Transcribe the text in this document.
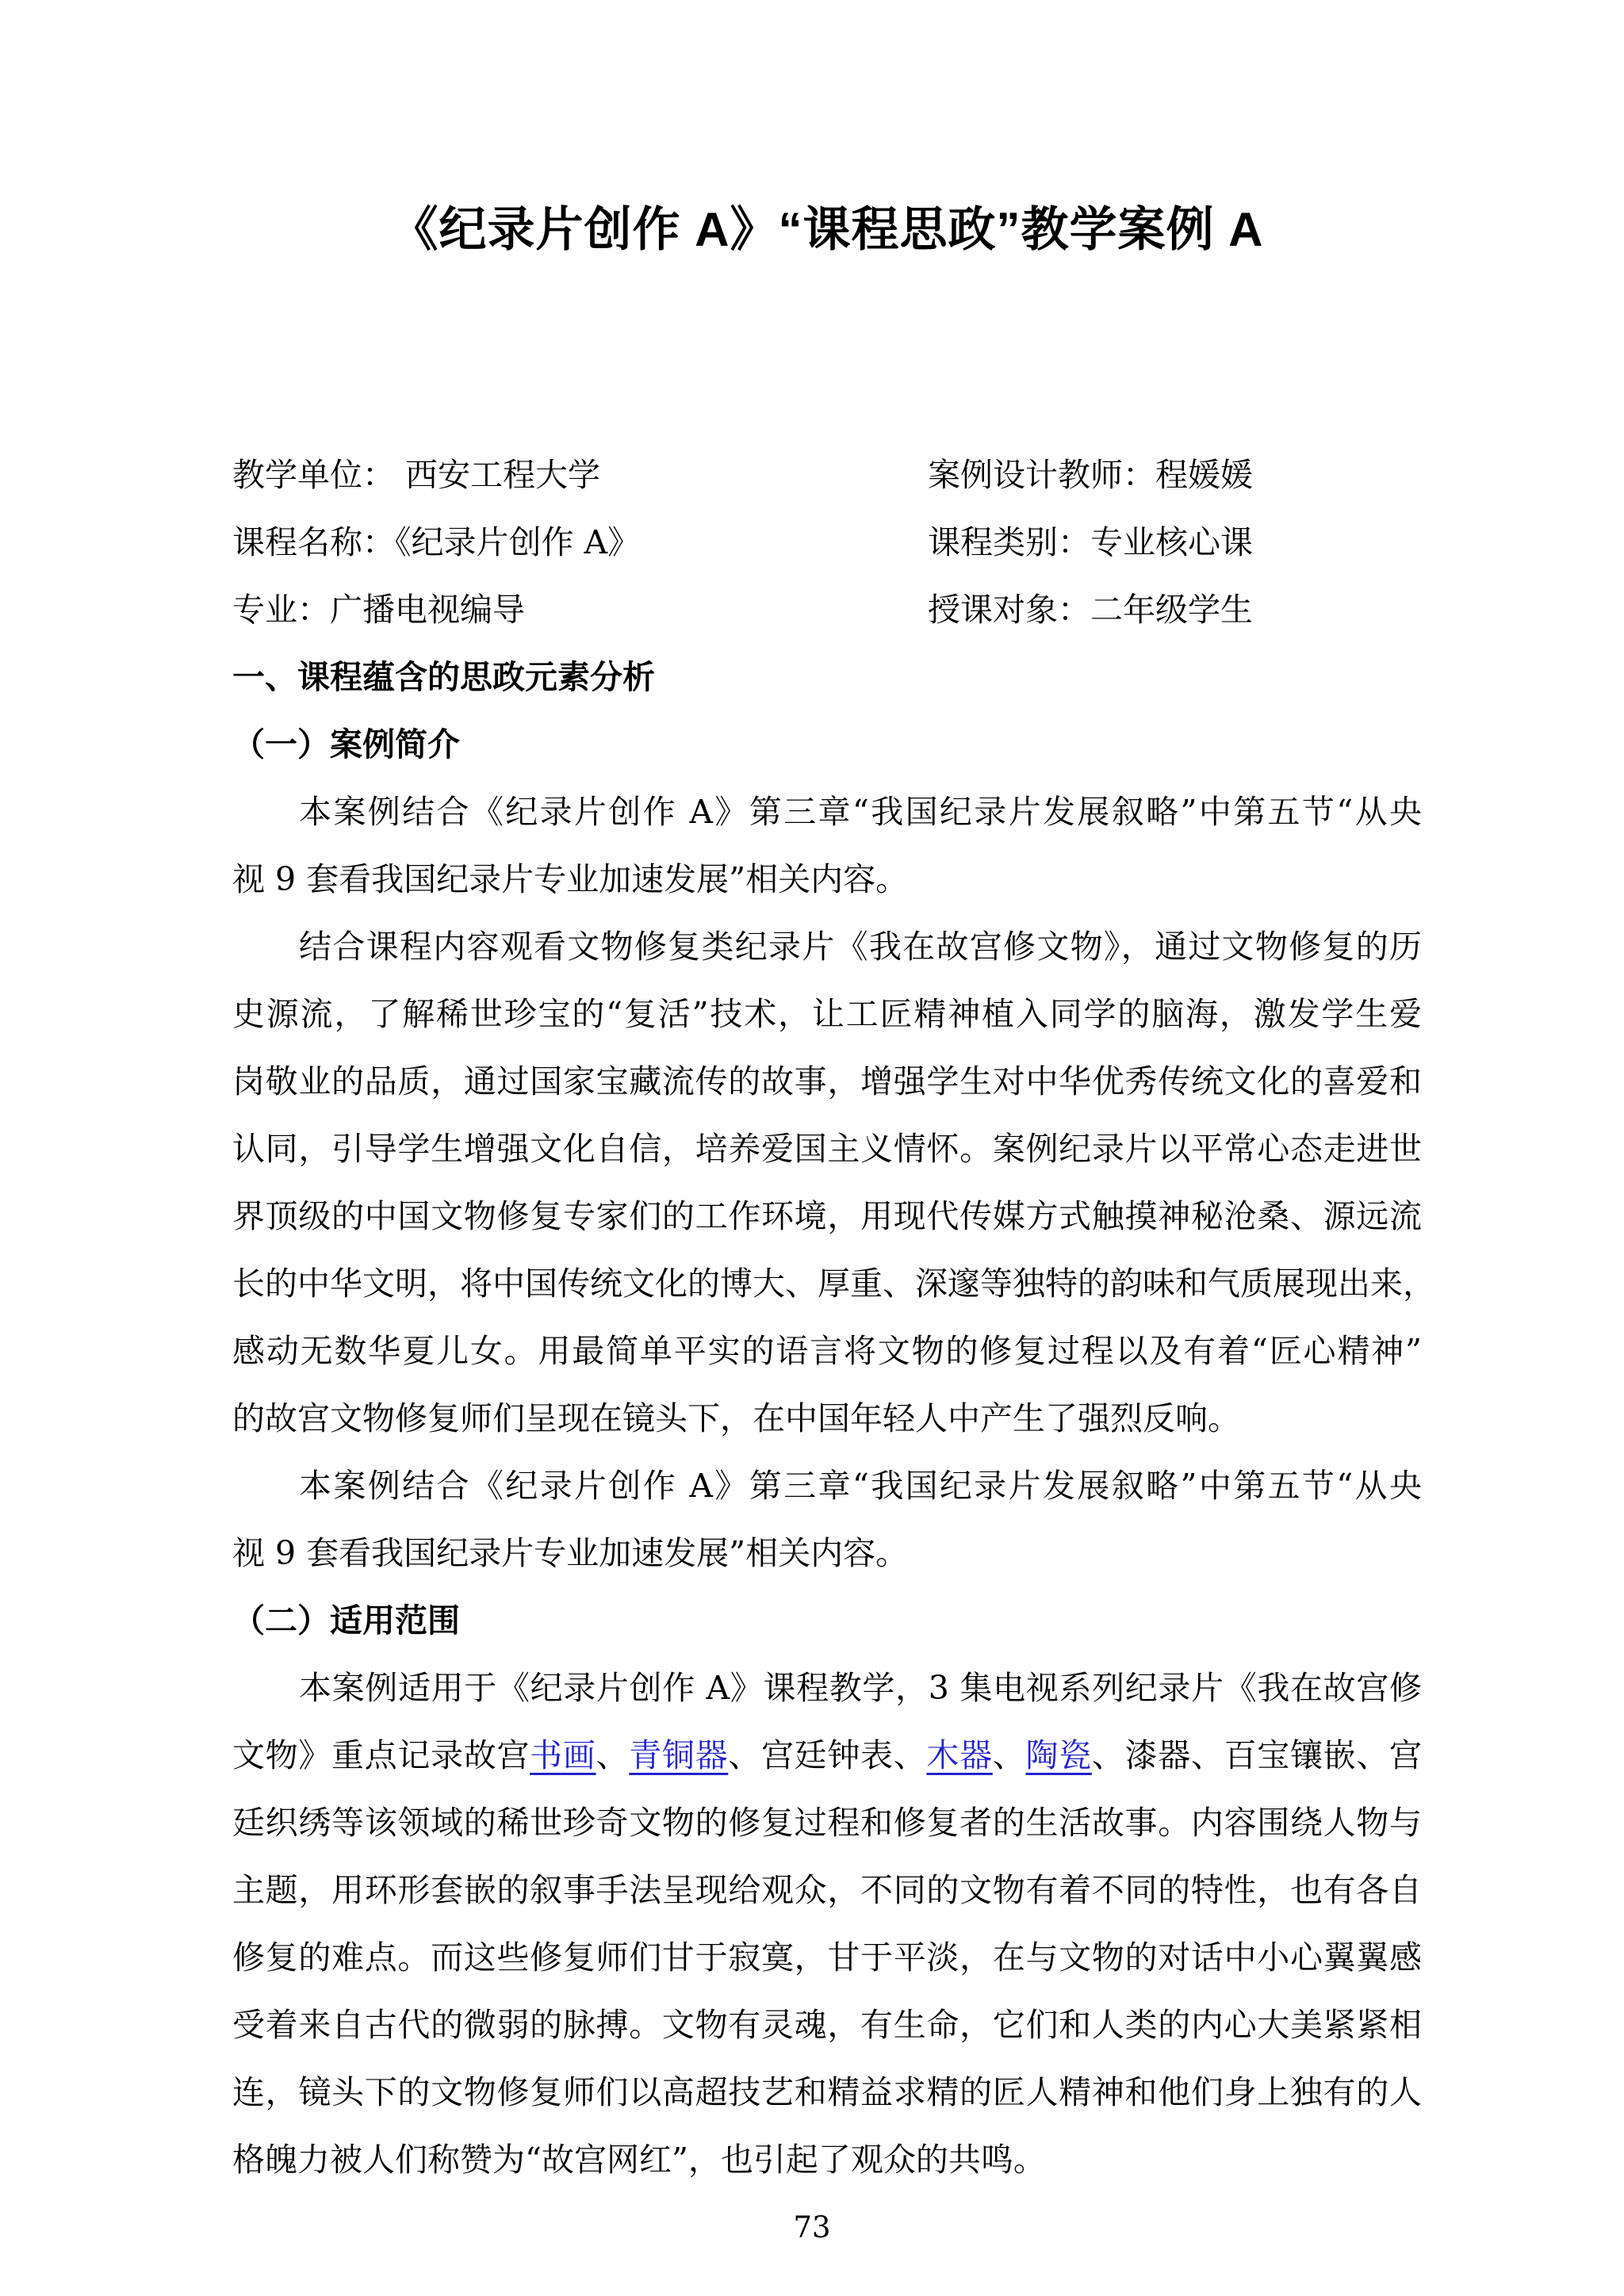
《纪录片创作 A》“课程思政”教学案例 A
教学单位： 西安工程大学	案例设计教师：程媛媛
课程名称：《纪录片创作 A》	课程类别：专业核心课
专业：广播电视编导	授课对象：二年级学生
一、课程蕴含的思政元素分析
（一）案例简介
本案例结合《纪录片创作 A》第三章“我国纪录片发展叙略”中第五节“从央
视 9 套看我国纪录片专业加速发展”相关内容。
结合课程内容观看文物修复类纪录片《我在故宫修文物》，通过文物修复的历
史源流，了解稀世珍宝的“复活”技术，让工匠精神植入同学的脑海，激发学生爱
岗敬业的品质，通过国家宝藏流传的故事，增强学生对中华优秀传统文化的喜爱和
认同，引导学生增强文化自信，培养爱国主义情怀。案例纪录片以平常心态走进世
界顶级的中国文物修复专家们的工作环境，用现代传媒方式触摸神秘沧桑、源远流
长的中华文明，将中国传统文化的博大、厚重、深邃等独特的韵味和气质展现出来，
感动无数华夏儿女。用最简单平实的语言将文物的修复过程以及有着“匠心精神”
的故宫文物修复师们呈现在镜头下，在中国年轻人中产生了强烈反响。
本案例结合《纪录片创作 A》第三章“我国纪录片发展叙略”中第五节“从央
视 9 套看我国纪录片专业加速发展”相关内容。
（二）适用范围
本案例适用于《纪录片创作 A》课程教学，3 集电视系列纪录片《我在故宫修
文物》重点记录故宫书画、青铜器、宫廷钟表、木器、陶瓷、漆器、百宝镶嵌、宫
廷织绣等该领域的稀世珍奇文物的修复过程和修复者的生活故事。内容围绕人物与
主题，用环形套嵌的叙事手法呈现给观众，不同的文物有着不同的特性，也有各自
修复的难点。而这些修复师们甘于寂寞，甘于平淡，在与文物的对话中小心翼翼感
受着来自古代的微弱的脉搏。文物有灵魂，有生命，它们和人类的内心大美紧紧相
连，镜头下的文物修复师们以高超技艺和精益求精的匠人精神和他们身上独有的人
格魄力被人们称赞为“故宫网红”，也引起了观众的共鸣。
73
